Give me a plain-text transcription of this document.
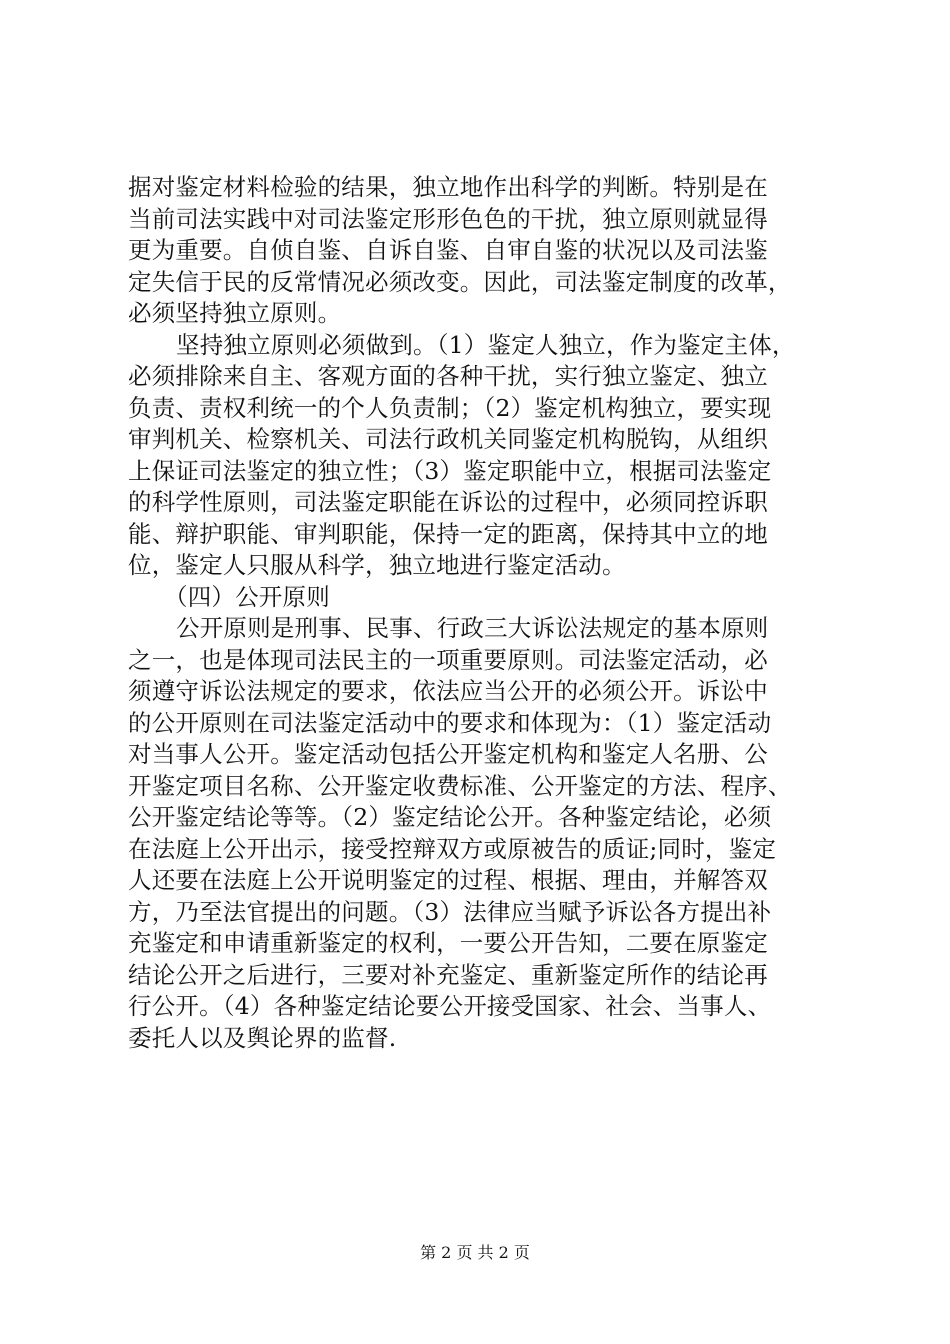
据对鉴定材料检验的结果，独立地作出科学的判断。特别是在
当前司法实践中对司法鉴定形形色色的干扰，独立原则就显得
更为重要。自侦自鉴、自诉自鉴、自审自鉴的状况以及司法鉴
定失信于民的反常情况必须改变。因此，司法鉴定制度的改革，
必须坚持独立原则。
坚持独立原则必须做到。（1）鉴定人独立，作为鉴定主体，
必须排除来自主、客观方面的各种干扰，实行独立鉴定、独立
负责、责权利统一的个人负责制；（2）鉴定机构独立，要实现
审判机关、检察机关、司法行政机关同鉴定机构脱钩，从组织
上保证司法鉴定的独立性；（3）鉴定职能中立，根据司法鉴定
的科学性原则，司法鉴定职能在诉讼的过程中，必须同控诉职
能、辩护职能、审判职能，保持一定的距离，保持其中立的地
位，鉴定人只服从科学，独立地进行鉴定活动。
（四）公开原则
公开原则是刑事、民事、行政三大诉讼法规定的基本原则
之一，也是体现司法民主的一项重要原则。司法鉴定活动，必
须遵守诉讼法规定的要求，依法应当公开的必须公开。诉讼中
的公开原则在司法鉴定活动中的要求和体现为：（1）鉴定活动
对当事人公开。鉴定活动包括公开鉴定机构和鉴定人名册、公
开鉴定项目名称、公开鉴定收费标准、公开鉴定的方法、程序、
公开鉴定结论等等。（2）鉴定结论公开。各种鉴定结论，必须
在法庭上公开出示，接受控辩双方或原被告的质证;同时，鉴定
人还要在法庭上公开说明鉴定的过程、根据、理由，并解答双
方，乃至法官提出的问题。（3）法律应当赋予诉讼各方提出补
充鉴定和申请重新鉴定的权利，一要公开告知，二要在原鉴定
结论公开之后进行，三要对补充鉴定、重新鉴定所作的结论再
行公开。（4）各种鉴定结论要公开接受国家、社会、当事人、
委托人以及舆论界的监督.
第 2 页 共 2 页
